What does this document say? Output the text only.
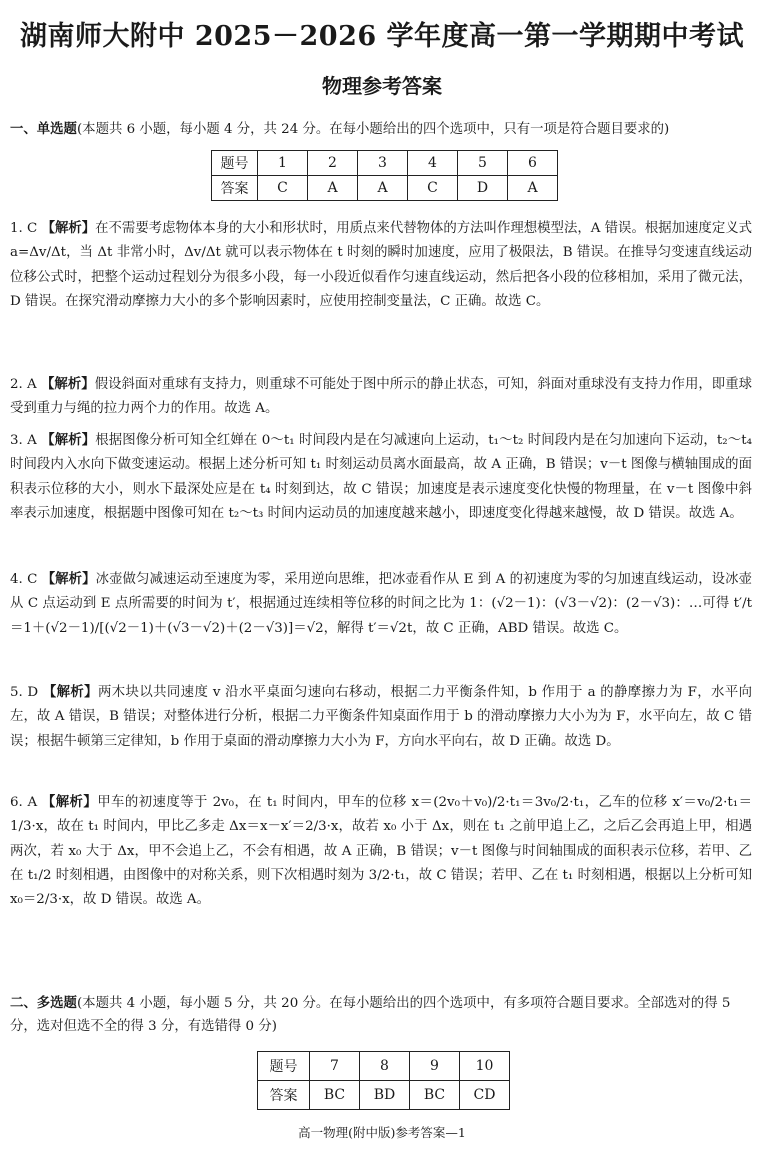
湖南师大附中 2025－2026 学年度高一第一学期期中考试
物理参考答案
一、单选题(本题共 6 小题，每小题 4 分，共 24 分。在每小题给出的四个选项中，只有一项是符合题目要求的)
题号	1	2	3	4	5	6
答案	C	A	A	C	D	A
1. C 【解析】在不需要考虑物体本身的大小和形状时，用质点来代替物体的方法叫作理想模型法，A 错误。根据加速度定义式 a=Δv/Δt，当 Δt 非常小时，Δv/Δt 就可以表示物体在 t 时刻的瞬时加速度，应用了极限法，B 错误。在推导匀变速直线运动位移公式时，把整个运动过程划分为很多小段，每一小段近似看作匀速直线运动，然后把各小段的位移相加，采用了微元法，D 错误。在探究滑动摩擦力大小的多个影响因素时，应使用控制变量法，C 正确。故选 C。
2. A 【解析】假设斜面对重球有支持力，则重球不可能处于图中所示的静止状态，可知，斜面对重球没有支持力作用，即重球受到重力与绳的拉力两个力的作用。故选 A。
3. A 【解析】根据图像分析可知全红婵在 0～t₁ 时间段内是在匀减速向上运动，t₁～t₂ 时间段内是在匀加速向下运动，t₂～t₄ 时间段内入水向下做变速运动。根据上述分析可知 t₁ 时刻运动员离水面最高，故 A 正确，B 错误；v－t 图像与横轴围成的面积表示位移的大小，则水下最深处应是在 t₄ 时刻到达，故 C 错误；加速度是表示速度变化快慢的物理量，在 v－t 图像中斜率表示加速度，根据题中图像可知在 t₂～t₃ 时间内运动员的加速度越来越小，即速度变化得越来越慢，故 D 错误。故选 A。
4. C 【解析】冰壶做匀减速运动至速度为零，采用逆向思维，把冰壶看作从 E 到 A 的初速度为零的匀加速直线运动，设冰壶从 C 点运动到 E 点所需要的时间为 t′，根据通过连续相等位移的时间之比为 1：(√2－1)：(√3－√2)：(2－√3)：…可得 t′/t＝1＋(√2－1)/[(√2－1)＋(√3－√2)＋(2－√3)]＝√2，解得 t′＝√2t，故 C 正确，ABD 错误。故选 C。
5. D 【解析】两木块以共同速度 v 沿水平桌面匀速向右移动，根据二力平衡条件知，b 作用于 a 的静摩擦力为 F，水平向左，故 A 错误，B 错误；对整体进行分析，根据二力平衡条件知桌面作用于 b 的滑动摩擦力大小为为 F，水平向左，故 C 错误；根据牛顿第三定律知，b 作用于桌面的滑动摩擦力大小为 F，方向水平向右，故 D 正确。故选 D。
6. A 【解析】甲车的初速度等于 2v₀，在 t₁ 时间内，甲车的位移 x＝(2v₀＋v₀)/2·t₁＝3v₀/2·t₁，乙车的位移 x′＝v₀/2·t₁＝1/3·x，故在 t₁ 时间内，甲比乙多走 Δx＝x－x′＝2/3·x，故若 x₀ 小于 Δx，则在 t₁ 之前甲追上乙，之后乙会再追上甲，相遇两次，若 x₀ 大于 Δx，甲不会追上乙，不会有相遇，故 A 正确，B 错误；v－t 图像与时间轴围成的面积表示位移，若甲、乙在 t₁/2 时刻相遇，由图像中的对称关系，则下次相遇时刻为 3/2·t₁，故 C 错误；若甲、乙在 t₁ 时刻相遇，根据以上分析可知 x₀＝2/3·x，故 D 错误。故选 A。
二、多选题(本题共 4 小题，每小题 5 分，共 20 分。在每小题给出的四个选项中，有多项符合题目要求。全部选对的得 5 分，选对但选不全的得 3 分，有选错得 0 分)
题号	7	8	9	10
答案	BC	BD	BC	CD
高一物理(附中版)参考答案—1
